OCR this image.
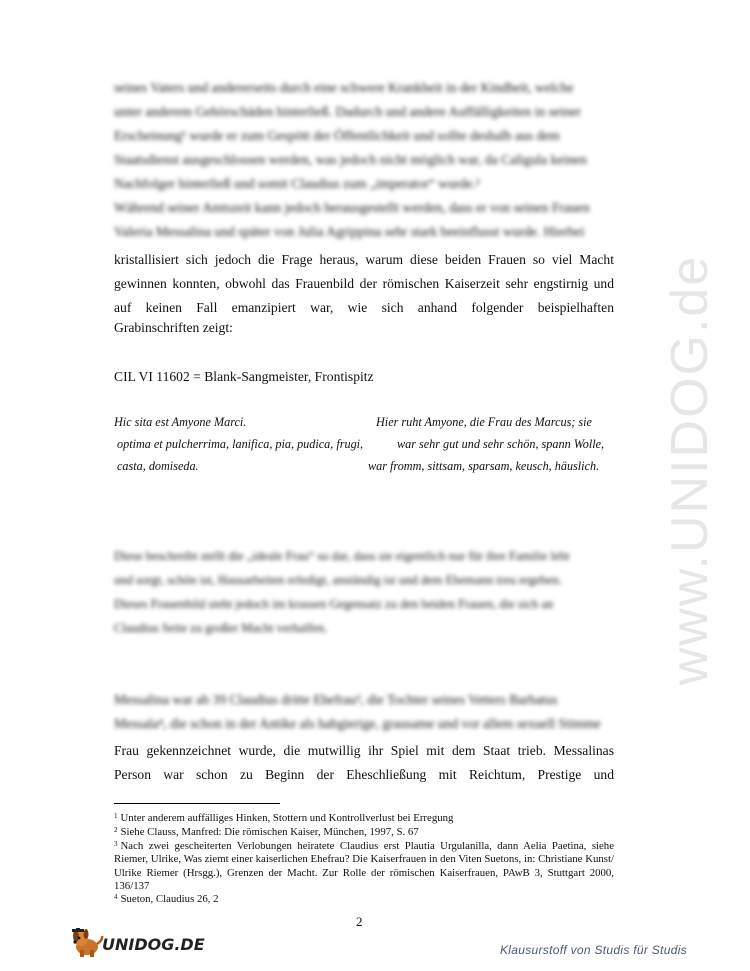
www.UNIDOG.de
seines Vaters und andererseits durch eine schwere Krankheit in der Kindheit, welche
unter anderem Gehörschäden hinterließ. Dadurch und andere Auffälligkeiten in seiner
Erscheinung¹ wurde er zum Gespött der Öffentlichkeit und sollte deshalb aus dem
Staatsdienst ausgeschlossen werden, was jedoch nicht möglich war, da Caligula keinen
Nachfolger hinterließ und somit Claudius zum „imperator“ wurde.²
Während seiner Amtszeit kann jedoch herausgestellt werden, dass er von seinen Frauen
Valeria Messalina und später von Julia Agrippina sehr stark beeinflusst wurde. Hierbei
kristallisiert sich jedoch die Frage heraus, warum diese beiden Frauen so viel Macht
gewinnen konnten, obwohl das Frauenbild der römischen Kaiserzeit sehr engstirnig und
auf keinen Fall emanzipiert war, wie sich anhand folgender beispielhaften
Grabinschriften zeigt:
CIL VI 11602 = Blank-Sangmeister, Frontispitz
Hic sita est Amyone Marci.
optima et pulcherrima, lanifica, pia, pudica, frugi,
casta, domiseda.
Hier ruht Amyone, die Frau des Marcus; sie
war sehr gut und sehr schön, spann Wolle,
war fromm, sittsam, sparsam, keusch, häuslich.
Diese beschreibt stellt die „ideale Frau“ so dar, dass sie eigentlich nur für ihre Familie lebt
und sorgt, schön ist, Hausarbeiten erledigt, anständig ist und dem Ehemann treu ergeben.
Dieses Frauenbild steht jedoch im krassen Gegensatz zu den beiden Frauen, die sich an
Claudius Seite zu großer Macht verhalfen.
Messalina war ab 39 Claudius dritte Ehefrau³, die Tochter seines Vetters Barbatus
Messala⁴, die schon in der Antike als habgierige, grausame und vor allem sexuell Stimme
Frau gekennzeichnet wurde, die mutwillig ihr Spiel mit dem Staat trieb. Messalinas
Person war schon zu Beginn der Eheschließung mit Reichtum, Prestige und
$^1$ Unter anderem auffälliges Hinken, Stottern und Kontrollverlust bei Erregung
$^2$ Siehe Clauss, Manfred: Die römischen Kaiser, München, 1997, S. 67
$^3$ Nach zwei gescheiterten Verlobungen heiratete Claudius erst Plautia Urgulanilla, dann Aelia Paetina, siehe Riemer, Ulrike, Was ziemt einer kaiserlichen Ehefrau? Die Kaiserfrauen in den Viten Suetons, in: Christiane Kunst/ Ulrike Riemer (Hrsgg.), Grenzen der Macht. Zur Rolle der römischen Kaiserfrauen, PAwB 3, Stuttgart 2000, 136/137
$^4$ Sueton, Claudius 26, 2
2
UNIDOG.DE	Klausurstoff von Studis für Studis
